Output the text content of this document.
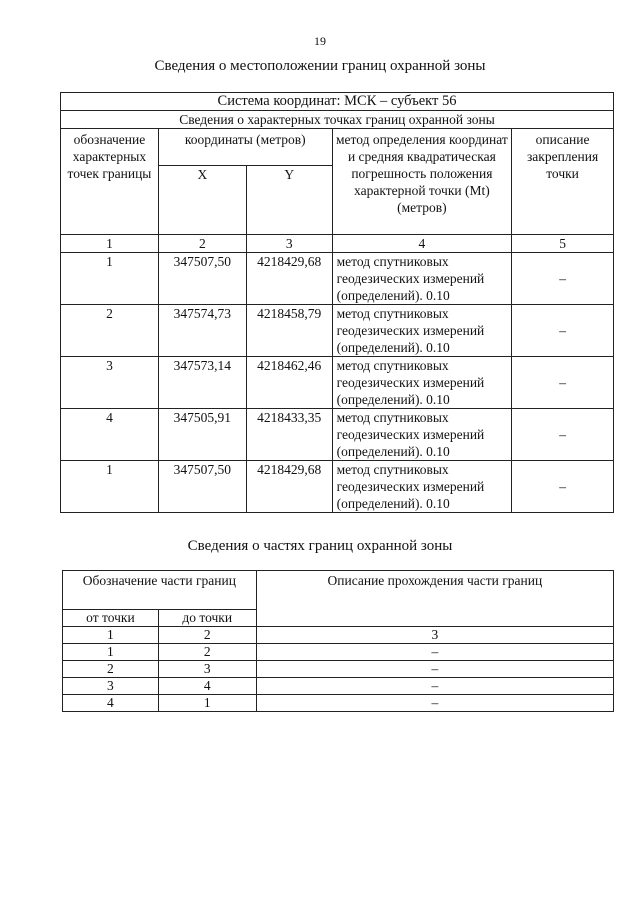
19
Сведения о местоположении границ охранной зоны
Система координат: МСК – субъект 56				
Сведения о характерных точках границ охранной зоны				
обозначение характерных точек границы	координаты (метров)		метод определения координат и средняя квадратическая погрешность положения характерной точки (Mt) (метров)	описание закрепления точки
	X	Y		
1	2	3	4	5
1	347507,50	4218429,68	метод спутниковых геодезических измерений (определений). 0.10	–
2	347574,73	4218458,79	метод спутниковых геодезических измерений (определений). 0.10	–
3	347573,14	4218462,46	метод спутниковых геодезических измерений (определений). 0.10	–
4	347505,91	4218433,35	метод спутниковых геодезических измерений (определений). 0.10	–
1	347507,50	4218429,68	метод спутниковых геодезических измерений (определений). 0.10	–
Сведения о частях границ охранной зоны
Обозначение части границ		Описание прохождения части границ
от точки	до точки	
1	2	3
1	2	–
2	3	–
3	4	–
4	1	–
